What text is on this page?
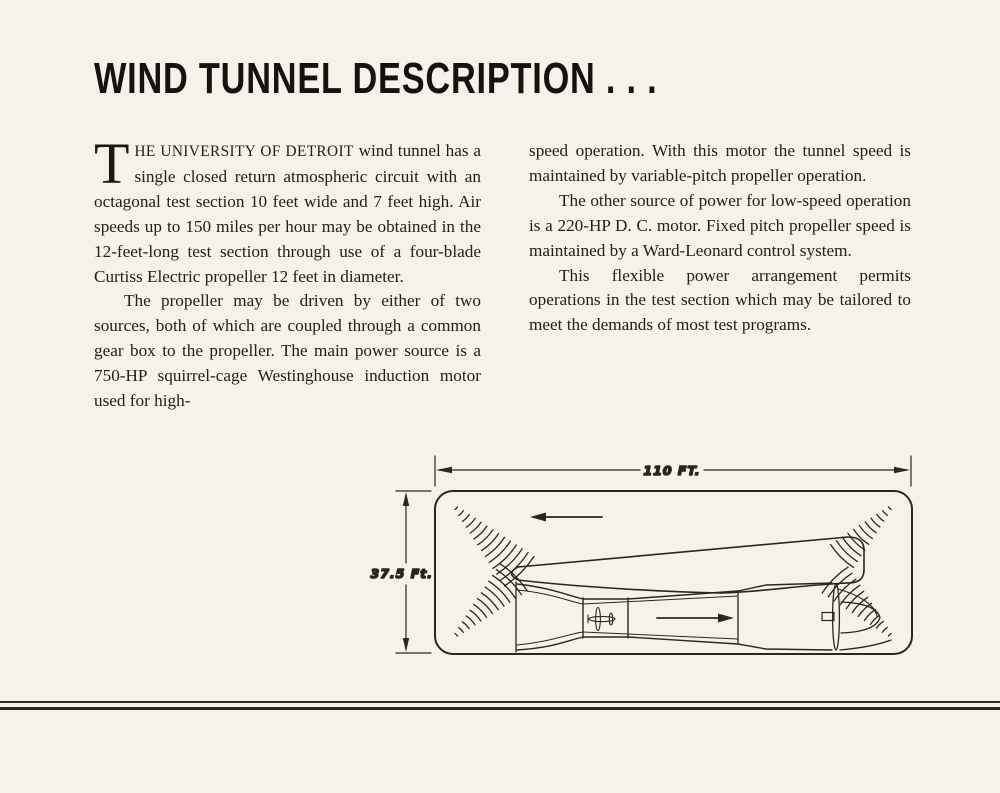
WIND TUNNEL DESCRIPTION . . .

THE UNIVERSITY OF DETROIT wind tunnel has a single closed return atmospheric circuit with an octagonal test section 10 feet wide and 7 feet high. Air speeds up to 150 miles per hour may be obtained in the 12-feet-long test section through use of a four-blade Curtiss Electric propeller 12 feet in diameter.

The propeller may be driven by either of two sources, both of which are coupled through a common gear box to the propeller. The main power source is a 750-HP squirrel-cage Westinghouse induction motor used for high-

speed operation. With this motor the tunnel speed is maintained by variable-pitch propeller operation.

The other source of power for low-speed operation is a 220-HP D. C. motor. Fixed pitch propeller speed is maintained by a Ward-Leonard control system.

This flexible power arrangement permits operations in the test section which may be tailored to meet the demands of most test programs.

110 FT.
37.5 Ft.
